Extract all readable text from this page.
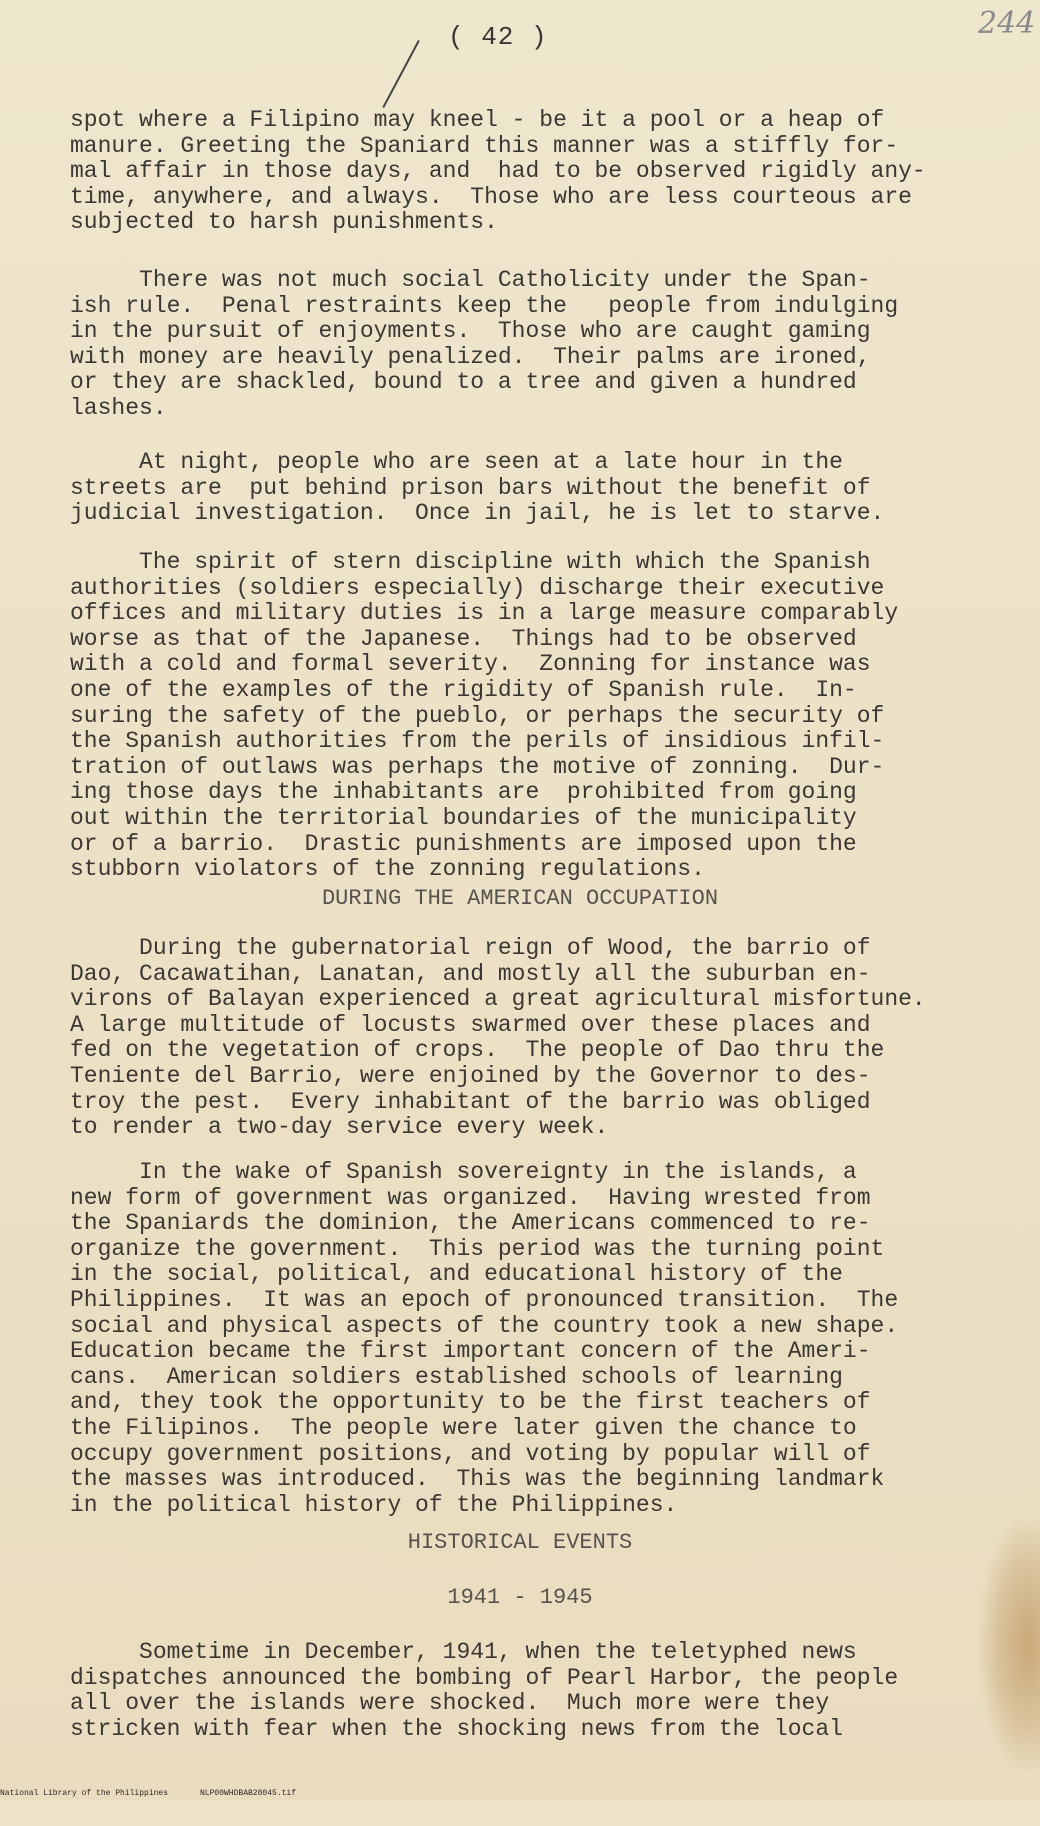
( 42 )	244

spot where a Filipino may kneel - be it a pool or a heap of
manure. Greeting the Spaniard this manner was a stiffly for-
mal affair in those days, and  had to be observed rigidly any-
time, anywhere, and always.  Those who are less courteous are
subjected to harsh punishments.

There was not much social Catholicity under the Span-
ish rule.  Penal restraints keep the   people from indulging
in the pursuit of enjoyments.  Those who are caught gaming
with money are heavily penalized.  Their palms are ironed,
or they are shackled, bound to a tree and given a hundred
lashes.

At night, people who are seen at a late hour in the
streets are  put behind prison bars without the benefit of
judicial investigation.  Once in jail, he is let to starve.

The spirit of stern discipline with which the Spanish
authorities (soldiers especially) discharge their executive
offices and military duties is in a large measure comparably
worse as that of the Japanese.  Things had to be observed
with a cold and formal severity.  Zonning for instance was
one of the examples of the rigidity of Spanish rule.  In-
suring the safety of the pueblo, or perhaps the security of
the Spanish authorities from the perils of insidious infil-
tration of outlaws was perhaps the motive of zonning.  Dur-
ing those days the inhabitants are  prohibited from going
out within the territorial boundaries of the municipality
or of a barrio.  Drastic punishments are imposed upon the
stubborn violators of the zonning regulations.

DURING THE AMERICAN OCCUPATION

During the gubernatorial reign of Wood, the barrio of
Dao, Cacawatihan, Lanatan, and mostly all the suburban en-
virons of Balayan experienced a great agricultural misfortune.
A large multitude of locusts swarmed over these places and
fed on the vegetation of crops.  The people of Dao thru the
Teniente del Barrio, were enjoined by the Governor to des-
troy the pest.  Every inhabitant of the barrio was obliged
to render a two-day service every week.

In the wake of Spanish sovereignty in the islands, a
new form of government was organized.  Having wrested from
the Spaniards the dominion, the Americans commenced to re-
organize the government.  This period was the turning point
in the social, political, and educational history of the
Philippines.  It was an epoch of pronounced transition.  The
social and physical aspects of the country took a new shape.
Education became the first important concern of the Ameri-
cans.  American soldiers established schools of learning
and, they took the opportunity to be the first teachers of
the Filipinos.  The people were later given the chance to
occupy government positions, and voting by popular will of
the masses was introduced.  This was the beginning landmark
in the political history of the Philippines.

HISTORICAL EVENTS
1941 - 1945

Sometime in December, 1941, when the teletyphed news
dispatches announced the bombing of Pearl Harbor, the people
all over the islands were shocked.  Much more were they
stricken with fear when the shocking news from the local

National Library of the Philippines

	NLP00WHDBAB28045.tif
